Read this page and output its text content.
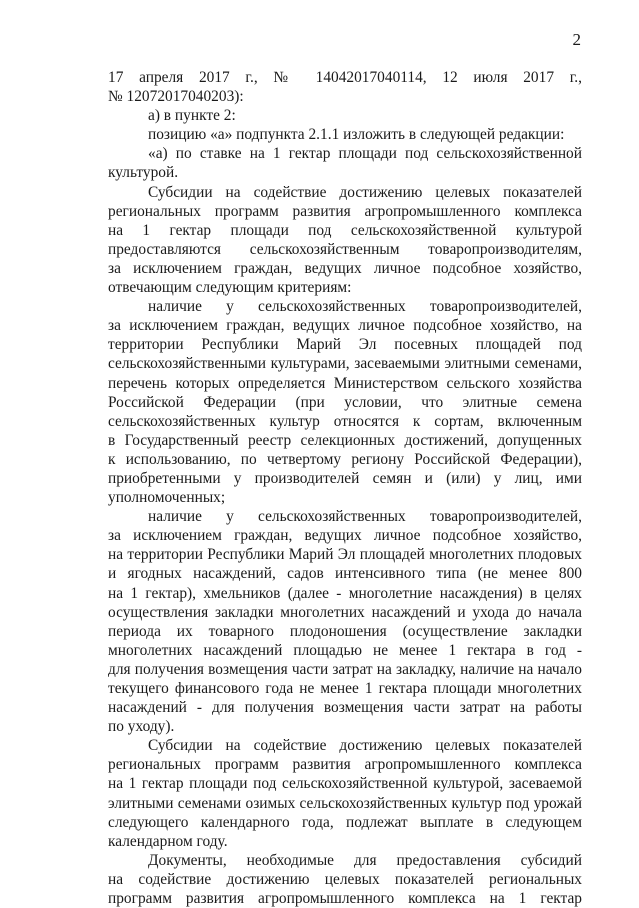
2
17 апреля 2017 г., № 14042017040114, 12 июля 2017 г.,
№ 12072017040203):
а) в пункте 2:
позицию «а» подпункта 2.1.1 изложить в следующей редакции:
«а) по ставке на 1 гектар площади под сельскохозяйственной
культурой.
Субсидии на содействие достижению целевых показателей
региональных программ развития агропромышленного комплекса
на 1 гектар площади под сельскохозяйственной культурой
предоставляются сельскохозяйственным товаропроизводителям,
за исключением граждан, ведущих личное подсобное хозяйство,
отвечающим следующим критериям:
наличие у сельскохозяйственных товаропроизводителей,
за исключением граждан, ведущих личное подсобное хозяйство, на
территории Республики Марий Эл посевных площадей под
сельскохозяйственными культурами, засеваемыми элитными семенами,
перечень которых определяется Министерством сельского хозяйства
Российской Федерации (при условии, что элитные семена
сельскохозяйственных культур относятся к сортам, включенным
в Государственный реестр селекционных достижений, допущенных
к использованию, по четвертому региону Российской Федерации),
приобретенными у производителей семян и (или) у лиц, ими
уполномоченных;
наличие у сельскохозяйственных товаропроизводителей,
за исключением граждан, ведущих личное подсобное хозяйство,
на территории Республики Марий Эл площадей многолетних плодовых
и ягодных насаждений, садов интенсивного типа (не менее 800
на 1 гектар), хмельников (далее - многолетние насаждения) в целях
осуществления закладки многолетних насаждений и ухода до начала
периода их товарного плодоношения (осуществление закладки
многолетних насаждений площадью не менее 1 гектара в год -
для получения возмещения части затрат на закладку, наличие на начало
текущего финансового года не менее 1 гектара площади многолетних
насаждений - для получения возмещения части затрат на работы
по уходу).
Субсидии на содействие достижению целевых показателей
региональных программ развития агропромышленного комплекса
на 1 гектар площади под сельскохозяйственной культурой, засеваемой
элитными семенами озимых сельскохозяйственных культур под урожай
следующего календарного года, подлежат выплате в следующем
календарном году.
Документы, необходимые для предоставления субсидий
на содействие достижению целевых показателей региональных
программ развития агропромышленного комплекса на 1 гектар
